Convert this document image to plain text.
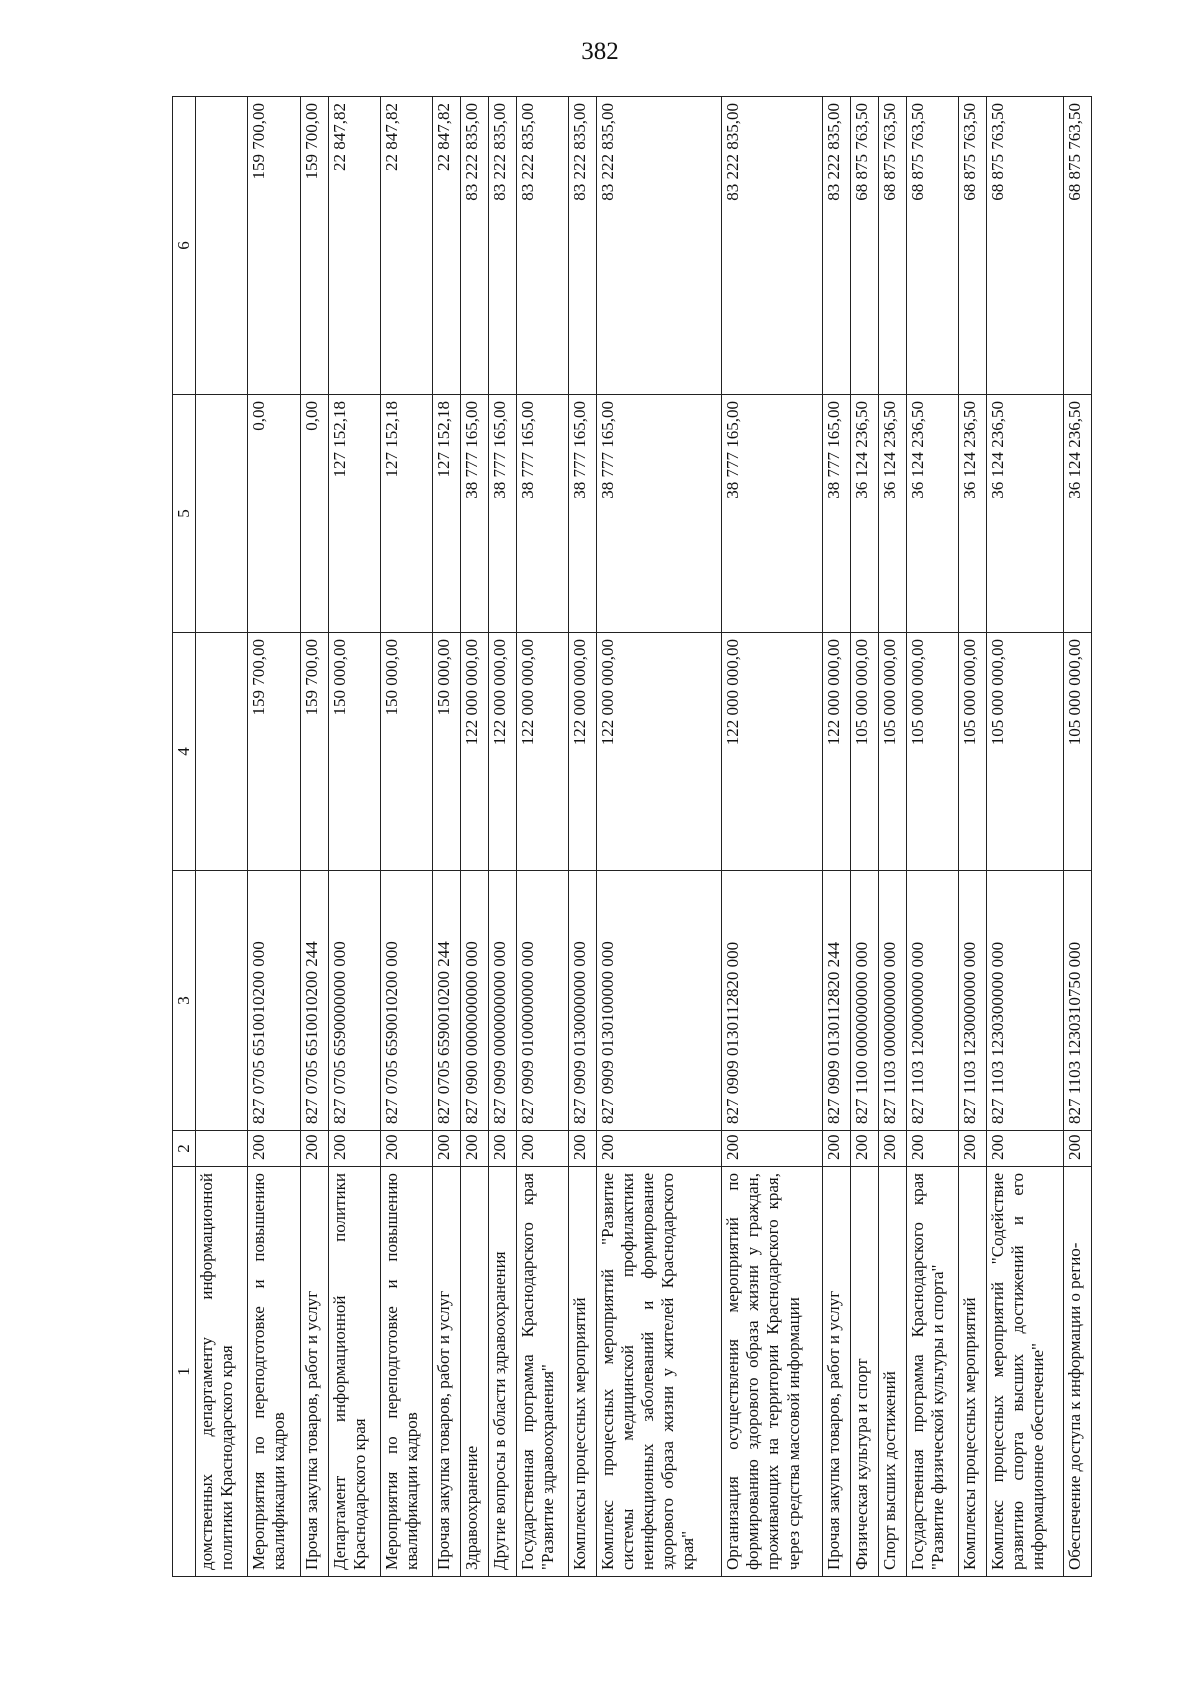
382
1	2	3	4	5	6
домственных департаменту информационной политики Краснодарского края					
Мероприятия по переподготовке и повышению квалификации кадров	200	827 0705 6510010200 000	159 700,00	0,00	159 700,00
Прочая закупка товаров, работ и услуг	200	827 0705 6510010200 244	159 700,00	0,00	159 700,00
Департамент информационной политики Краснодарского края	200	827 0705 6590000000 000	150 000,00	127 152,18	22 847,82
Мероприятия по переподготовке и повышению квалификации кадров	200	827 0705 6590010200 000	150 000,00	127 152,18	22 847,82
Прочая закупка товаров, работ и услуг	200	827 0705 6590010200 244	150 000,00	127 152,18	22 847,82
Здравоохранение	200	827 0900 0000000000 000	122 000 000,00	38 777 165,00	83 222 835,00
Другие вопросы в области здравоохранения	200	827 0909 0000000000 000	122 000 000,00	38 777 165,00	83 222 835,00
Государственная программа Краснодарского края "Развитие здравоохранения"	200	827 0909 0100000000 000	122 000 000,00	38 777 165,00	83 222 835,00
Комплексы процессных мероприятий	200	827 0909 0130000000 000	122 000 000,00	38 777 165,00	83 222 835,00
Комплекс процессных мероприятий "Развитие системы медицинской профилактики неинфекционных заболеваний и формирование здорового образа жизни у жителей Краснодарского края"	200	827 0909 0130100000 000	122 000 000,00	38 777 165,00	83 222 835,00
Организация осуществления мероприятий по формированию здорового образа жизни у граждан, проживающих на территории Краснодарского края, через средства массовой информации	200	827 0909 0130112820 000	122 000 000,00	38 777 165,00	83 222 835,00
Прочая закупка товаров, работ и услуг	200	827 0909 0130112820 244	122 000 000,00	38 777 165,00	83 222 835,00
Физическая культура и спорт	200	827 1100 0000000000 000	105 000 000,00	36 124 236,50	68 875 763,50
Спорт высших достижений	200	827 1103 0000000000 000	105 000 000,00	36 124 236,50	68 875 763,50
Государственная программа Краснодарского края "Развитие физической культуры и спорта"	200	827 1103 1200000000 000	105 000 000,00	36 124 236,50	68 875 763,50
Комплексы процессных мероприятий	200	827 1103 1230000000 000	105 000 000,00	36 124 236,50	68 875 763,50
Комплекс процессных мероприятий "Содействие развитию спорта высших достижений и его информационное обеспечение"	200	827 1103 1230300000 000	105 000 000,00	36 124 236,50	68 875 763,50
Обеспечение доступа к информации о регио-	200	827 1103 1230310750 000	105 000 000,00	36 124 236,50	68 875 763,50
